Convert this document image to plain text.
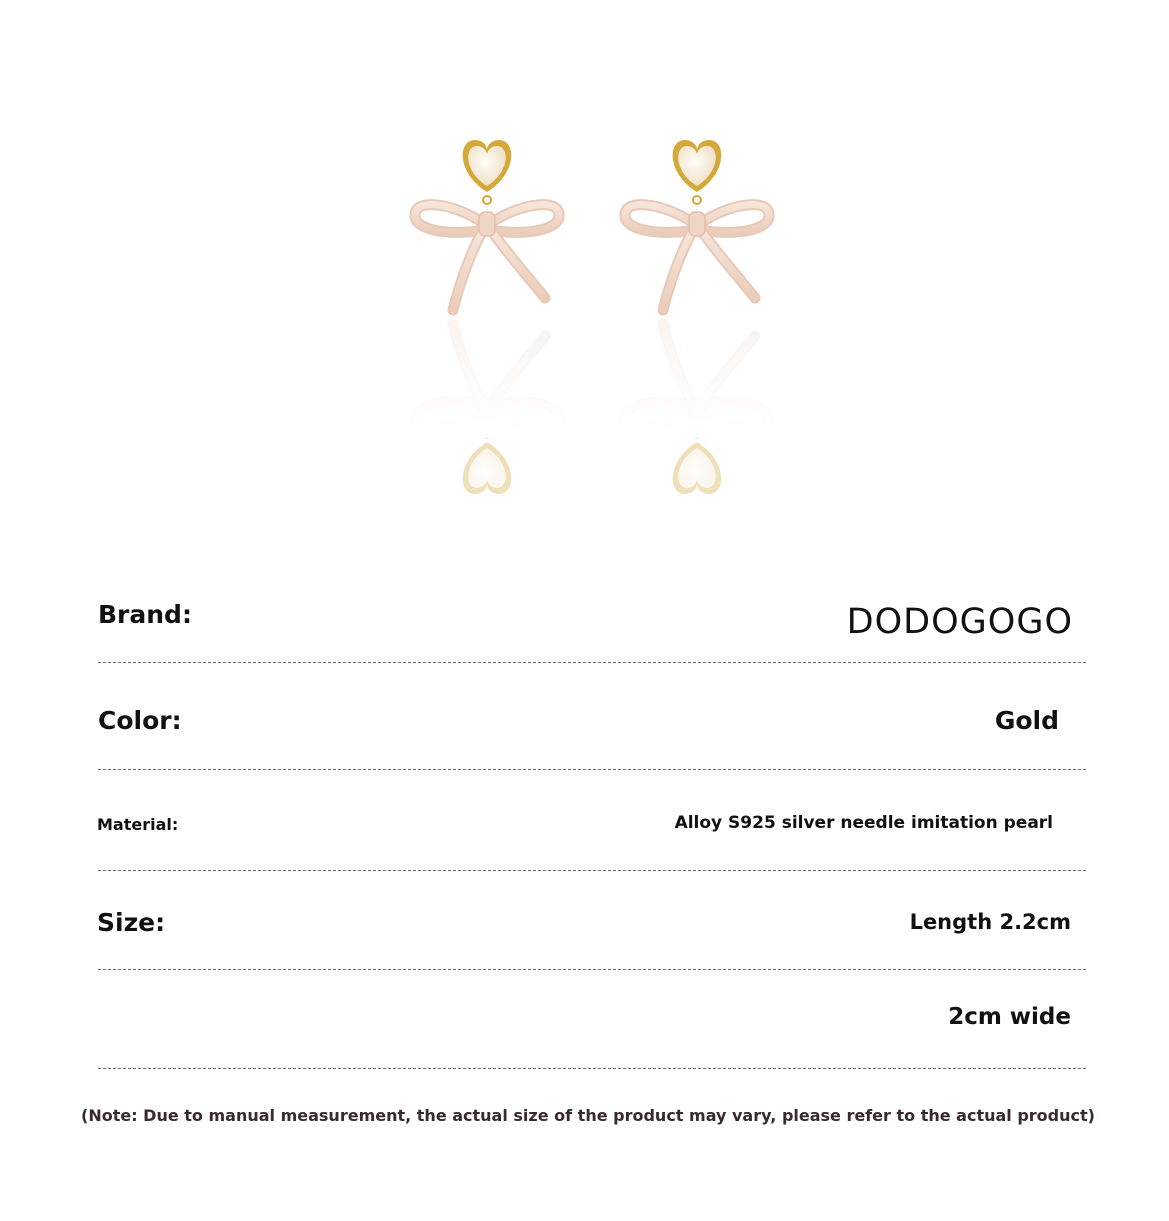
Brand:	DODOGOGO
Color:	Gold
Material:	Alloy S925 silver needle imitation pearl
Size:	Length 2.2cm
2cm wide
(Note: Due to manual measurement, the actual size of the product may vary, please refer to the actual product)
